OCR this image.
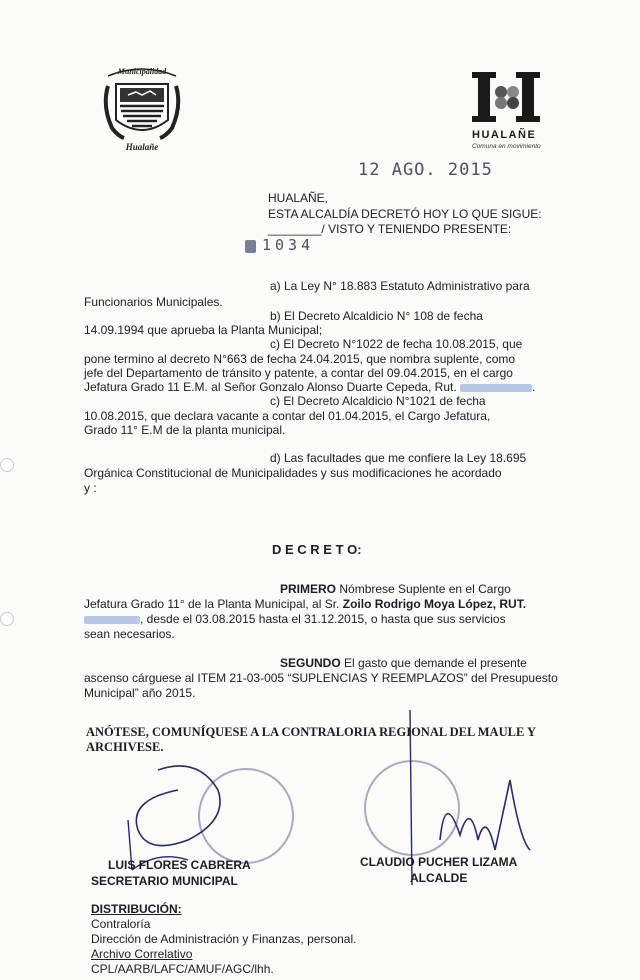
Municipalidad
Hualañe
HUALAÑE
Comuna en movimiento
12 AGO. 2015
HUALAÑE,
ESTA ALCALDÍA DECRETÓ HOY LO QUE SIGUE:
________/ VISTO Y TENIENDO PRESENTE:
1034
a) La Ley N° 18.883 Estatuto Administrativo para
Funcionarios Municipales.
b) El Decreto Alcaldicio N° 108 de fecha
14.09.1994 que aprueba la Planta Municipal;
c) El Decreto N°1022 de fecha 10.08.2015, que
pone termino al decreto N°663 de fecha 24.04.2015, que nombra suplente, como
jefe del Departamento de tránsito y patente, a contar del 09.04.2015, en el cargo
Jefatura Grado 11 E.M. al Señor Gonzalo Alonso Duarte Cepeda, Rut.	.
c) El Decreto Alcaldicio N°1021 de fecha
10.08.2015, que declara vacante a contar del 01.04.2015, el Cargo Jefatura,
Grado 11° E.M de la planta municipal.
d) Las facultades que me confiere la Ley 18.695
Orgánica Constitucional de Municipalidades y sus modificaciones he acordado
y :
D E C R E T O:
PRIMERO Nómbrese Suplente en el Cargo
Jefatura Grado 11° de la Planta Municipal, al Sr. Zoilo Rodrigo Moya López, RUT.
, desde el 03.08.2015 hasta el 31.12.2015, o hasta que sus servicios
sean necesarios.
SEGUNDO El gasto que demande el presente
ascenso cárguese al ITEM 21-03-005 “SUPLENCIAS Y REEMPLAZOS” del Presupuesto
Municipal” año 2015.
ANÓTESE, COMUNÍQUESE A LA CONTRALORIA REGIONAL DEL MAULE Y
ARCHIVESE.
LUIS FLORES CABRERA
SECRETARIO MUNICIPAL
CLAUDIO PUCHER LIZAMA
ALCALDE
DISTRIBUCIÓN:
Contraloría
Dirección de Administración y Finanzas, personal.
Archivo Correlativo
CPL/AARB/LAFC/AMUF/AGC/lhh.
